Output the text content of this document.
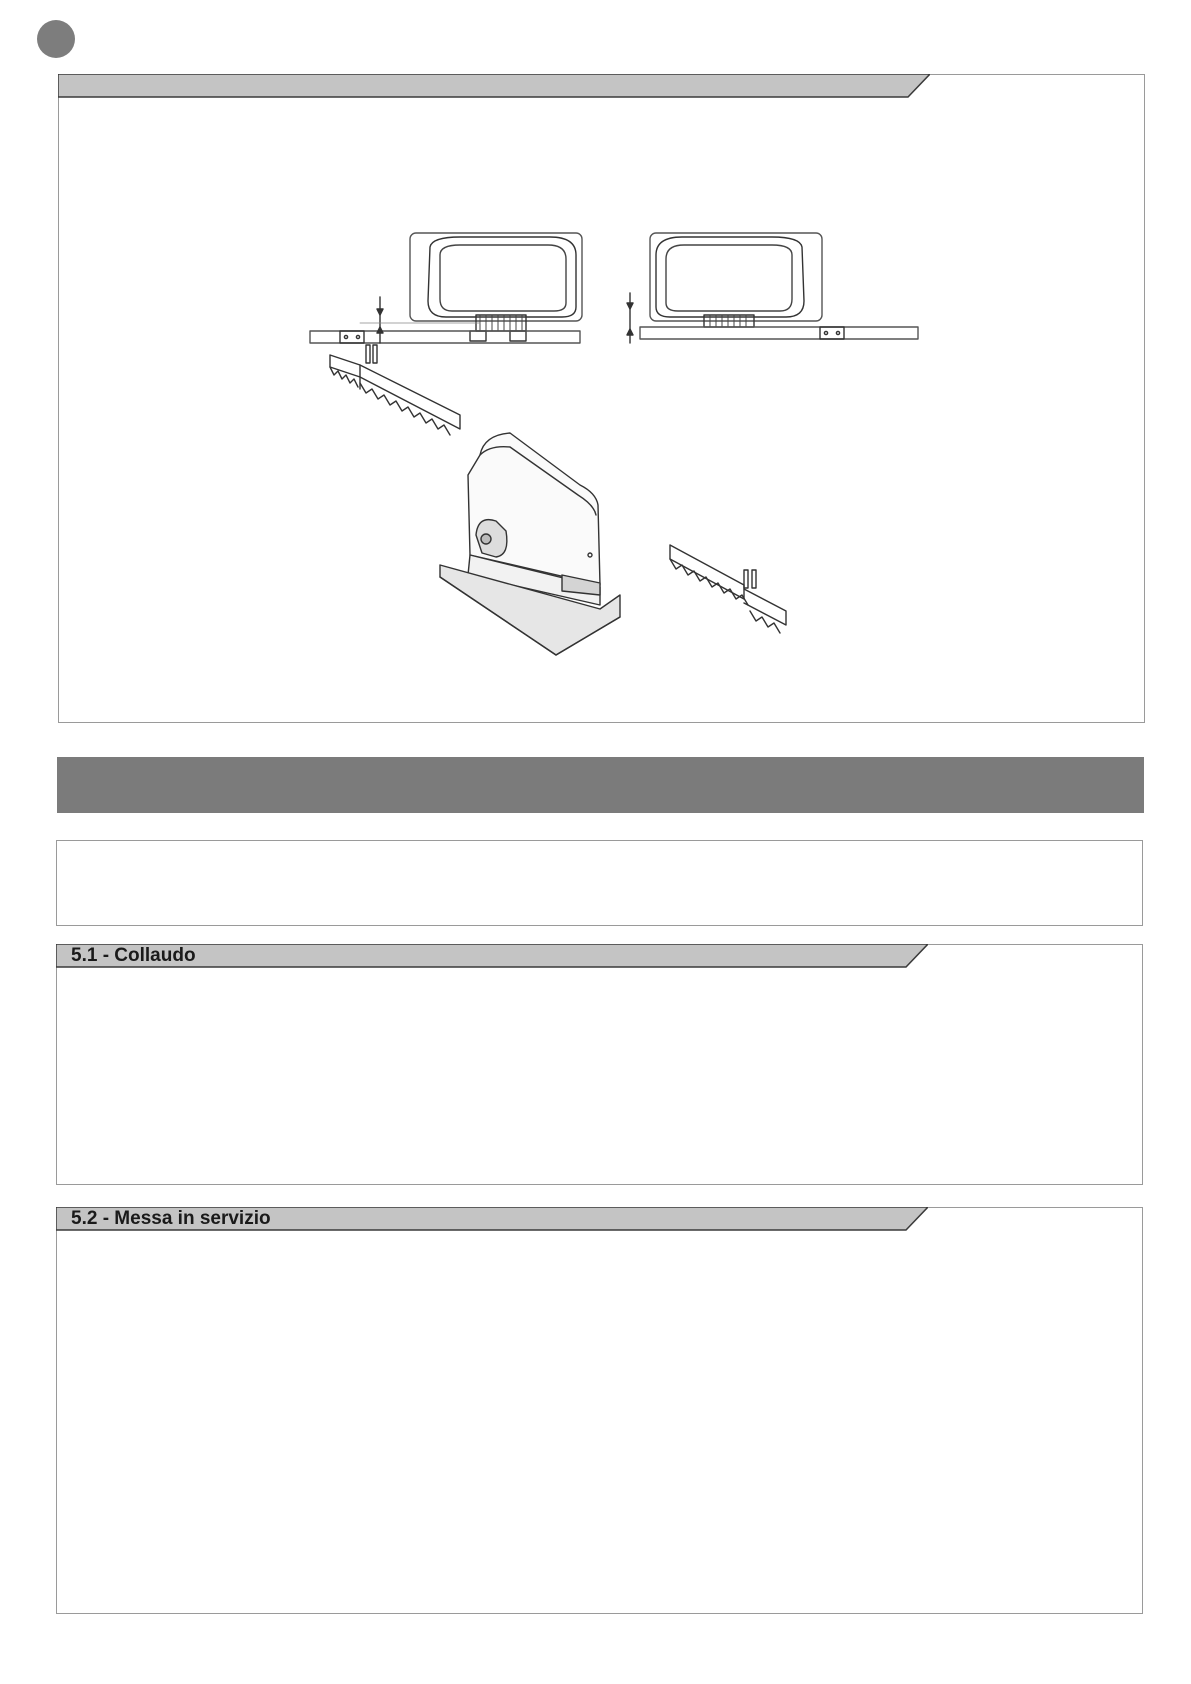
5.1 - Collaudo
5.2 - Messa in servizio
